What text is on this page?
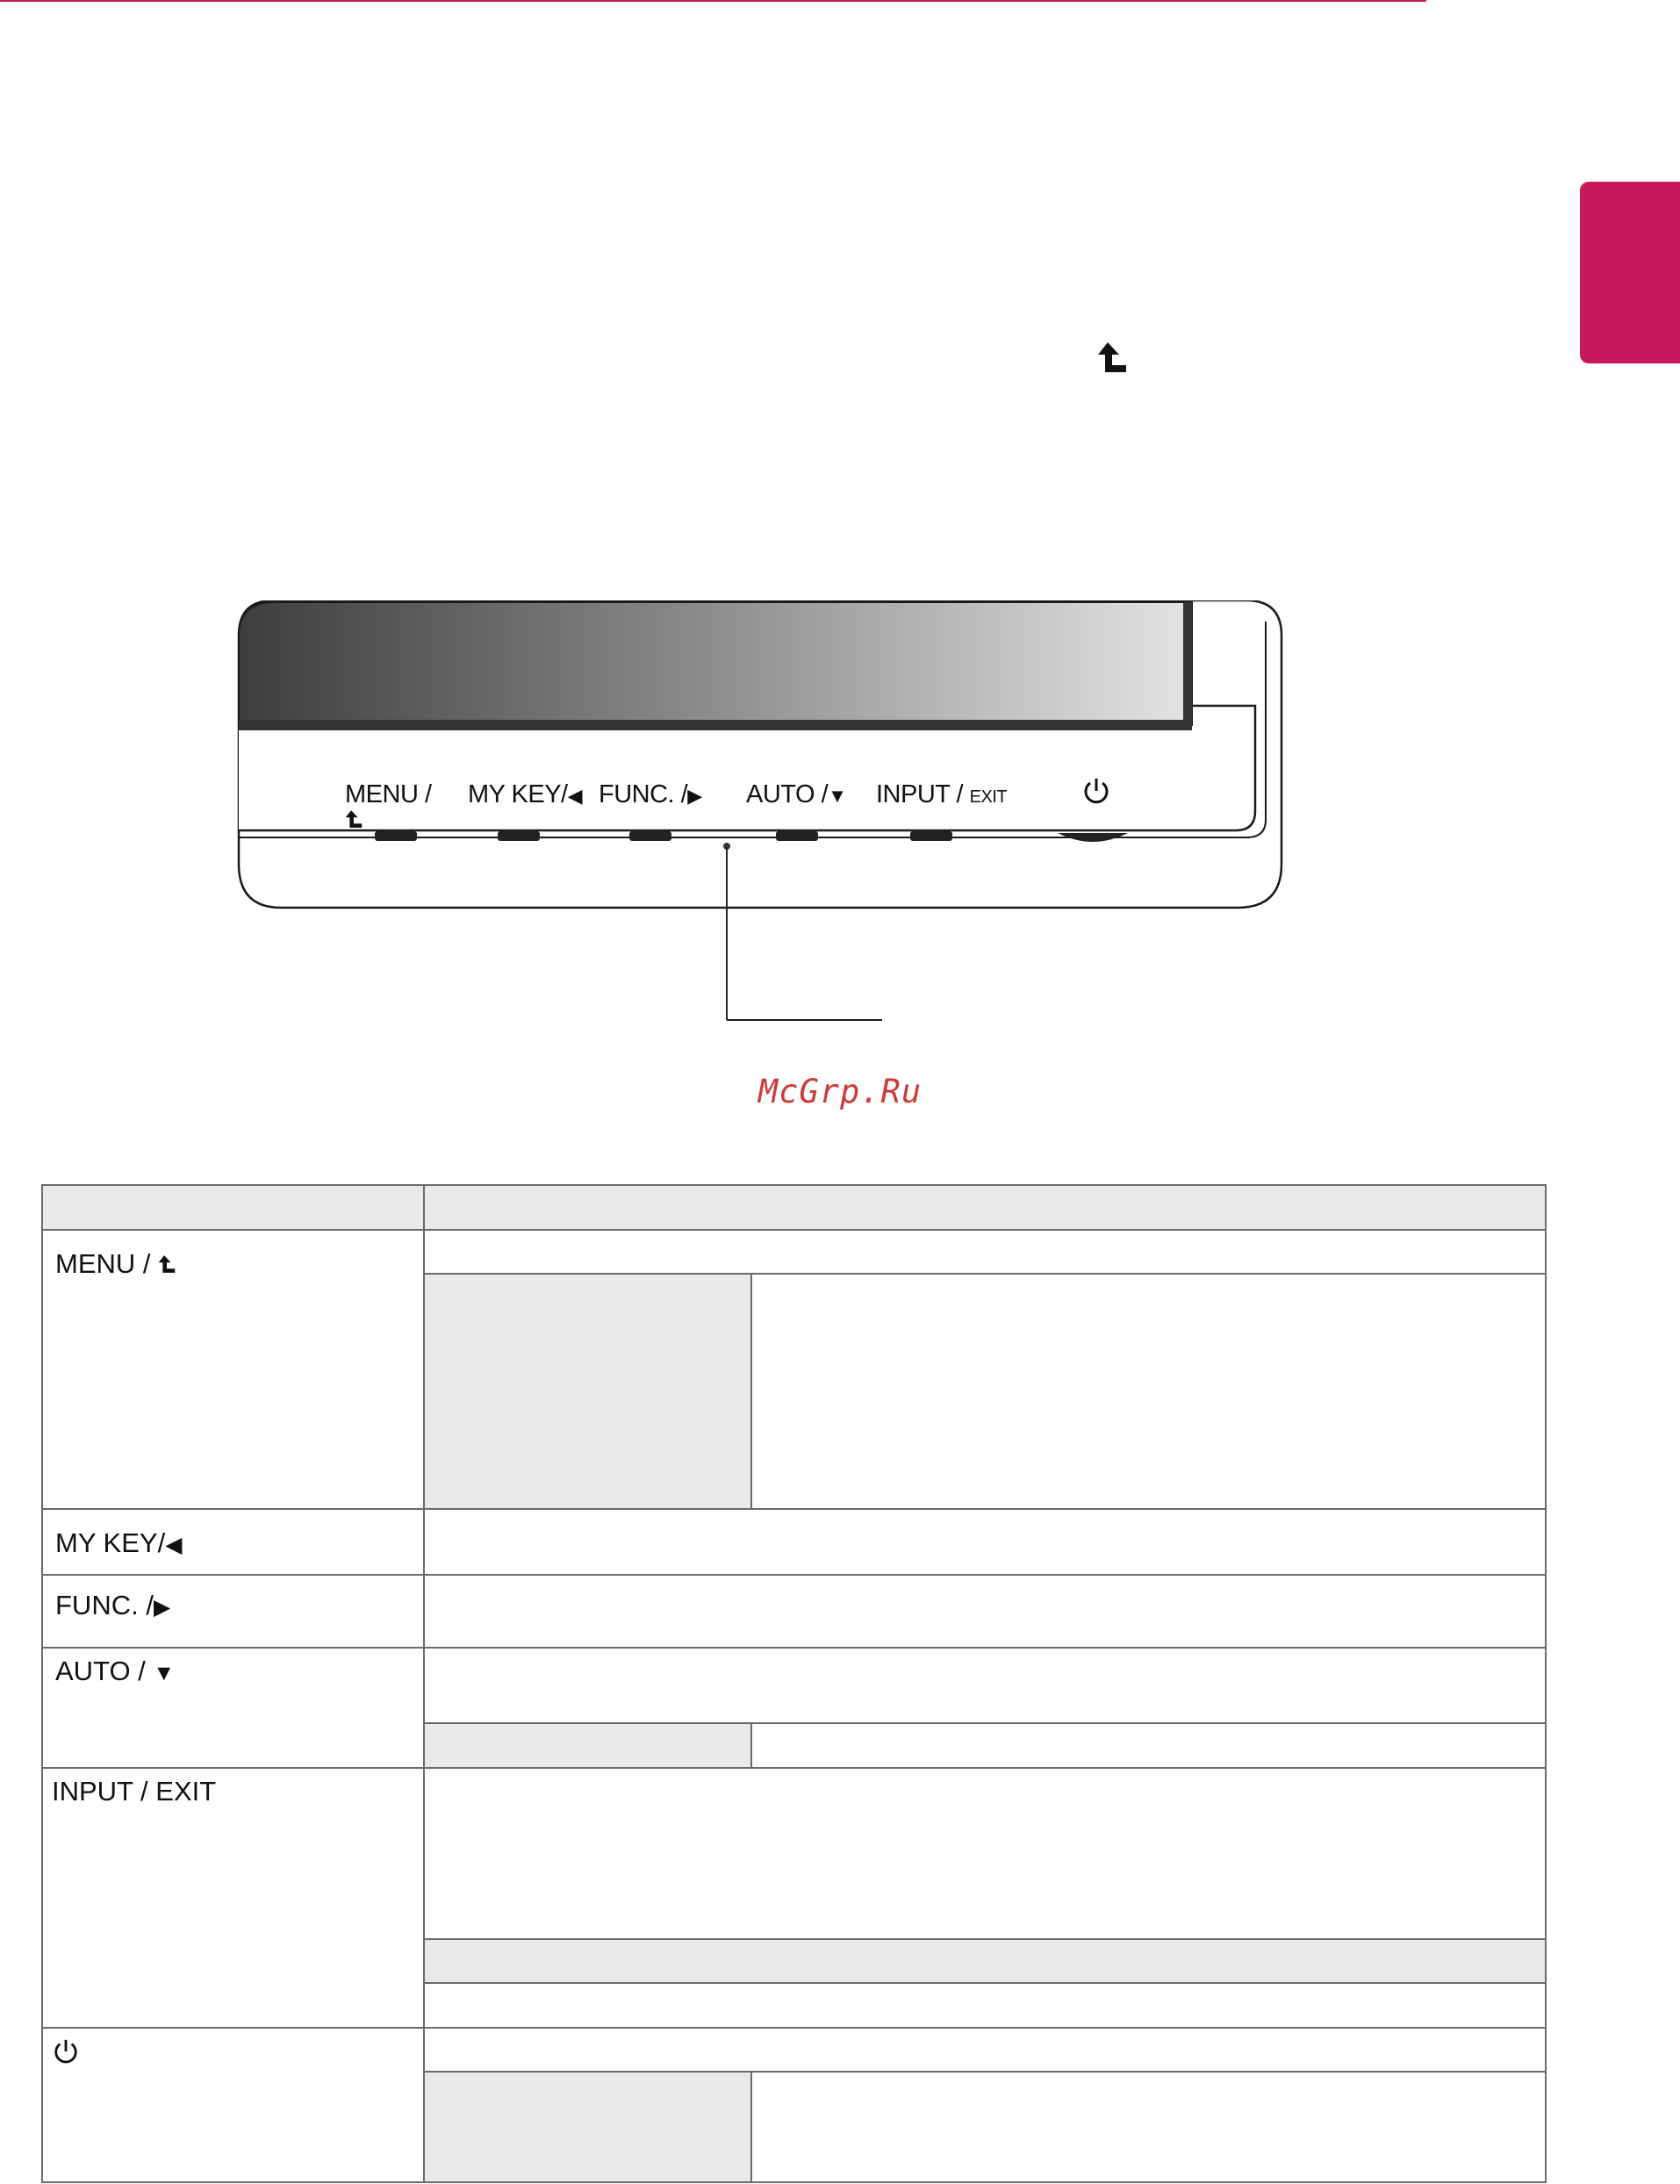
MENU / MY KEY/◀ FUNC. /▶ AUTO /▼ INPUT / EXIT
McGrp.Ru

MENU /		

MY KEY/◀		
FUNC. /▶		
AUTO / ▼		

INPUT / EXIT		
